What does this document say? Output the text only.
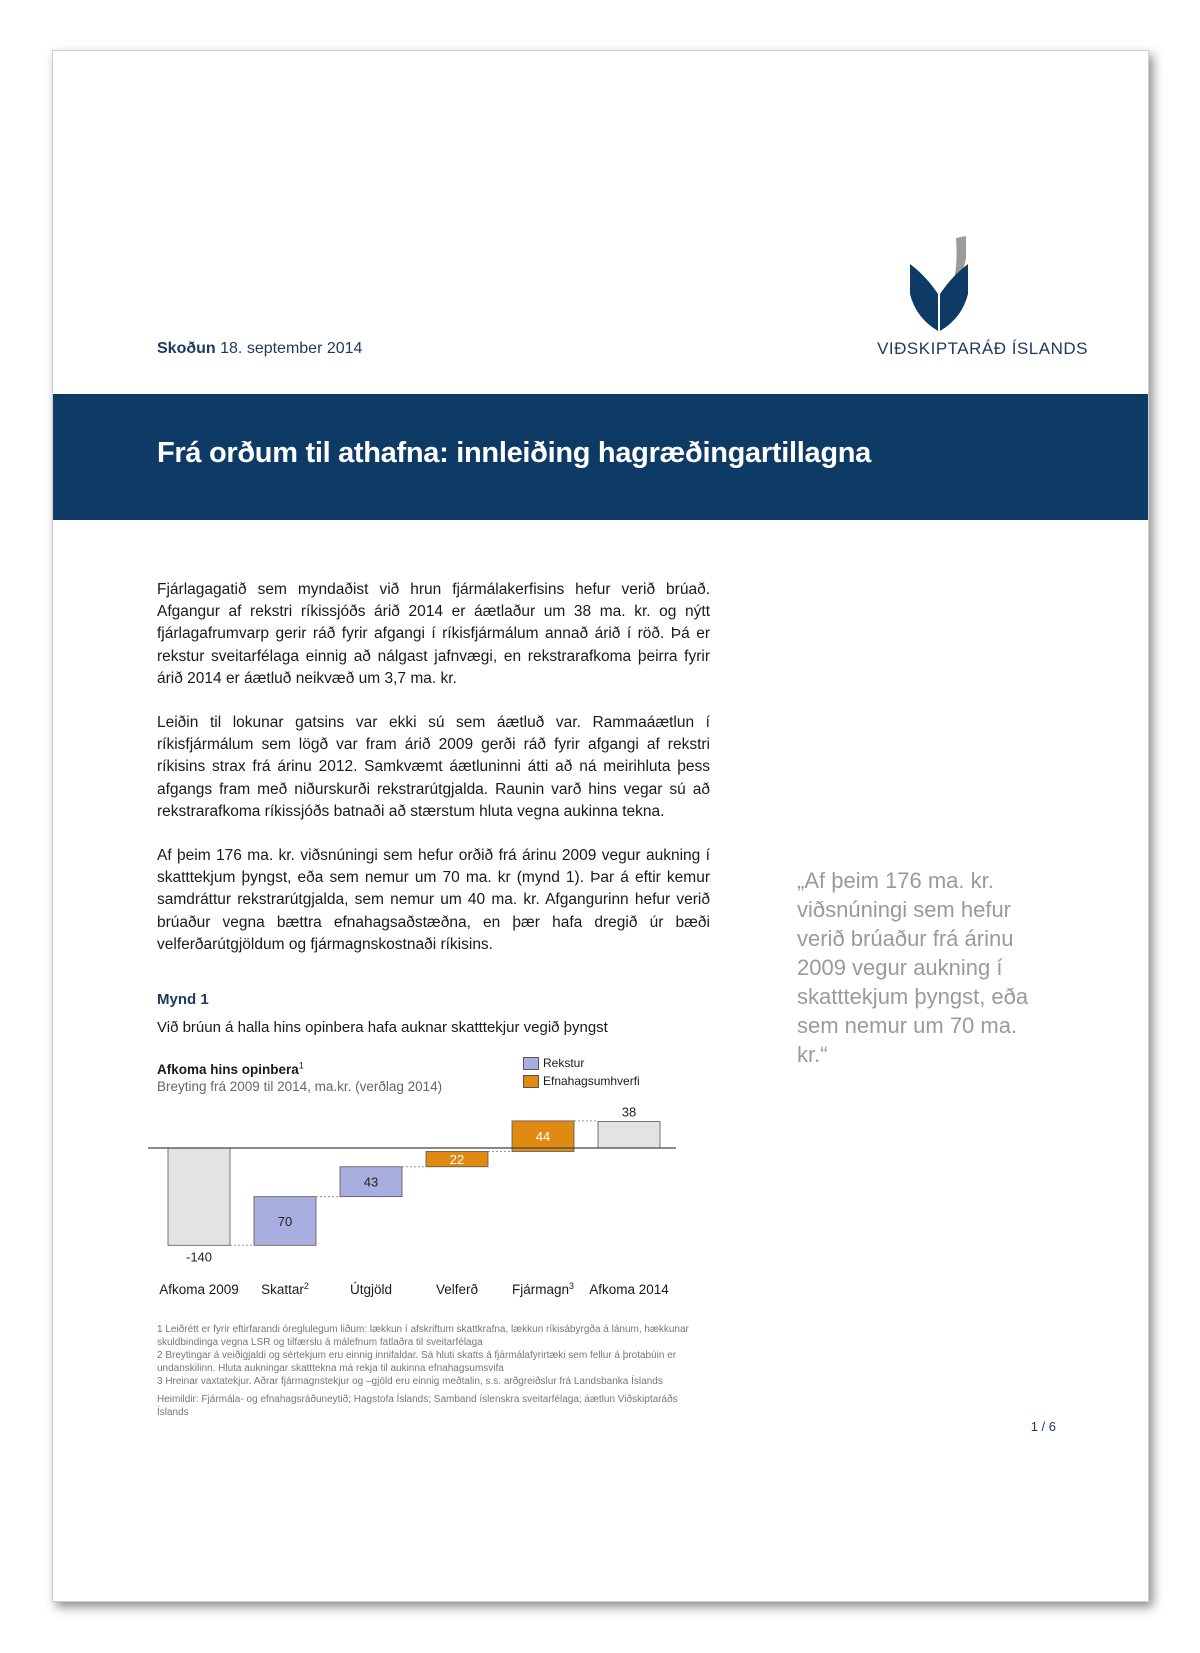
VIÐSKIPTARÁÐ ÍSLANDS
Skoðun 18. september 2014
Frá orðum til athafna: innleiðing hagræðingartillagna

Fjárlagagatið sem myndaðist við hrun fjármálakerfisins hefur verið brúað. Afgangur af rekstri ríkissjóðs árið 2014 er áætlaður um 38 ma. kr. og nýtt fjárlagafrumvarp gerir ráð fyrir afgangi í ríkisfjármálum annað árið í röð. Þá er rekstur sveitarfélaga einnig að nálgast jafnvægi, en rekstrarafkoma þeirra fyrir árið 2014 er áætluð neikvæð um 3,7 ma. kr.

Leiðin til lokunar gatsins var ekki sú sem áætluð var. Rammaáætlun í ríkisfjármálum sem lögð var fram árið 2009 gerði ráð fyrir afgangi af rekstri ríkisins strax frá árinu 2012. Samkvæmt áætluninni átti að ná meirihluta þess afgangs fram með niðurskurði rekstrarútgjalda. Raunin varð hins vegar sú að rekstrarafkoma ríkissjóðs batnaði að stærstum hluta vegna aukinna tekna.

Af þeim 176 ma. kr. viðsnúningi sem hefur orðið frá árinu 2009 vegur aukning í skatttekjum þyngst, eða sem nemur um 70 ma. kr (mynd 1). Þar á eftir kemur samdráttur rekstrarútgjalda, sem nemur um 40 ma. kr. Afgangurinn hefur verið brúaður vegna bættra efnahagsaðstæðna, en þær hafa dregið úr bæði velferðarútgjöldum og fjármagnskostnaði ríkisins.

„Af þeim 176 ma. kr. viðsnúningi sem hefur verið brúaður frá árinu 2009 vegur aukning í skatttekjum þyngst, eða sem nemur um 70 ma. kr.“
Mynd 1
Við brúun á halla hins opinbera hafa auknar skatttekjur vegið þyngst
Afkoma hins opinbera$^1$
Breyting frá 2009 til 2014, ma.kr. (verðlag 2014)
Rekstur
Efnahagsumhverfi
-140
70
43
22
44
38
Afkoma 2009 Skattar$^2$	Útgjöld	Velferð	Fjármagn$^3$ Afkoma 2014
1 Leiðrétt er fyrir eftirfarandi óreglulegum liðum: lækkun í afskriftum skattkrafna, lækkun ríkisábyrgða á lánum, hækkunar skuldbindinga vegna LSR og tilfærslu á málefnum fatlaðra til sveitarfélaga
2 Breytingar á veiðigjaldi og sértekjum eru einnig innifaldar. Sá hluti skatts á fjármálafyrirtæki sem fellur á þrotabúin er undanskilinn. Hluta aukningar skatttekna má rekja til aukinna efnahagsumsvifa
3 Hreinar vaxtatekjur. Aðrar fjármagnstekjur og –gjöld eru einnig meðtalin, s.s. arðgreiðslur frá Landsbanka Íslands
Heimildir: Fjármála- og efnahagsráðuneytið; Hagstofa Íslands; Samband íslenskra sveitarfélaga; áætlun Viðskiptaráðs Íslands
1 / 6
